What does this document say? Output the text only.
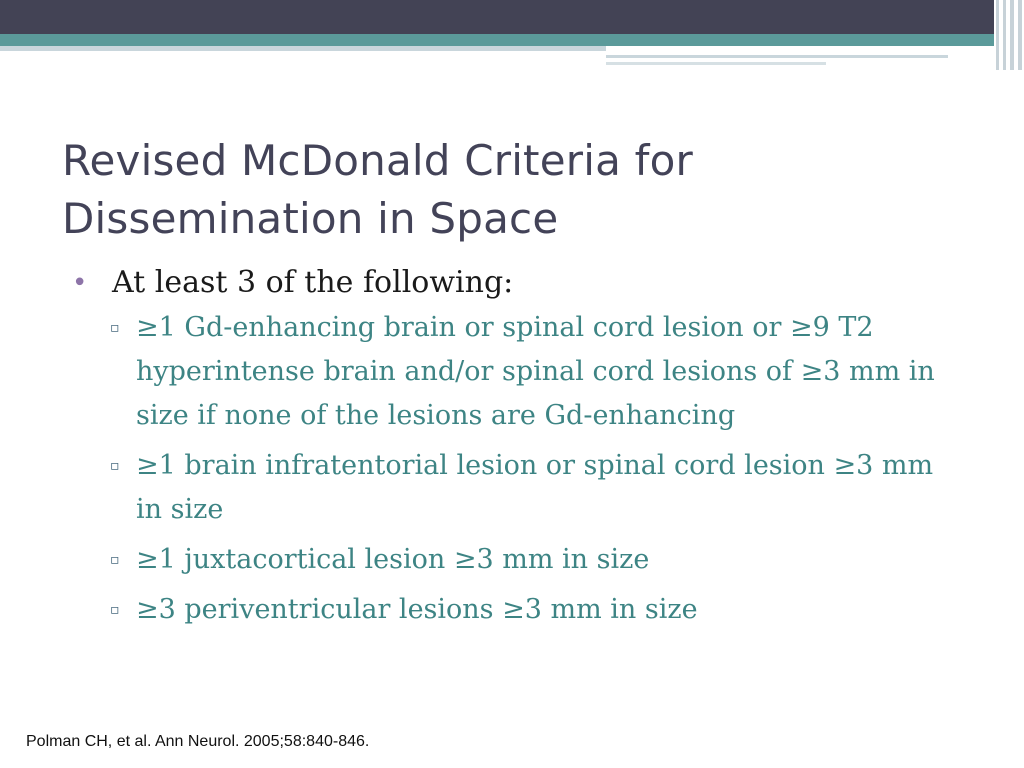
Revised McDonald Criteria for
Dissemination in Space
• At least 3 of the following:
▫ ≥1 Gd-enhancing brain or spinal cord lesion or ≥9 T2 hyperintense brain and/or spinal cord lesions of ≥3 mm in size if none of the lesions are Gd-enhancing
▫ ≥1 brain infratentorial lesion or spinal cord lesion ≥3 mm in size
▫ ≥1 juxtacortical lesion ≥3 mm in size
▫ ≥3 periventricular lesions ≥3 mm in size

Polman CH, et al. Ann Neurol. 2005;58:840-846.
